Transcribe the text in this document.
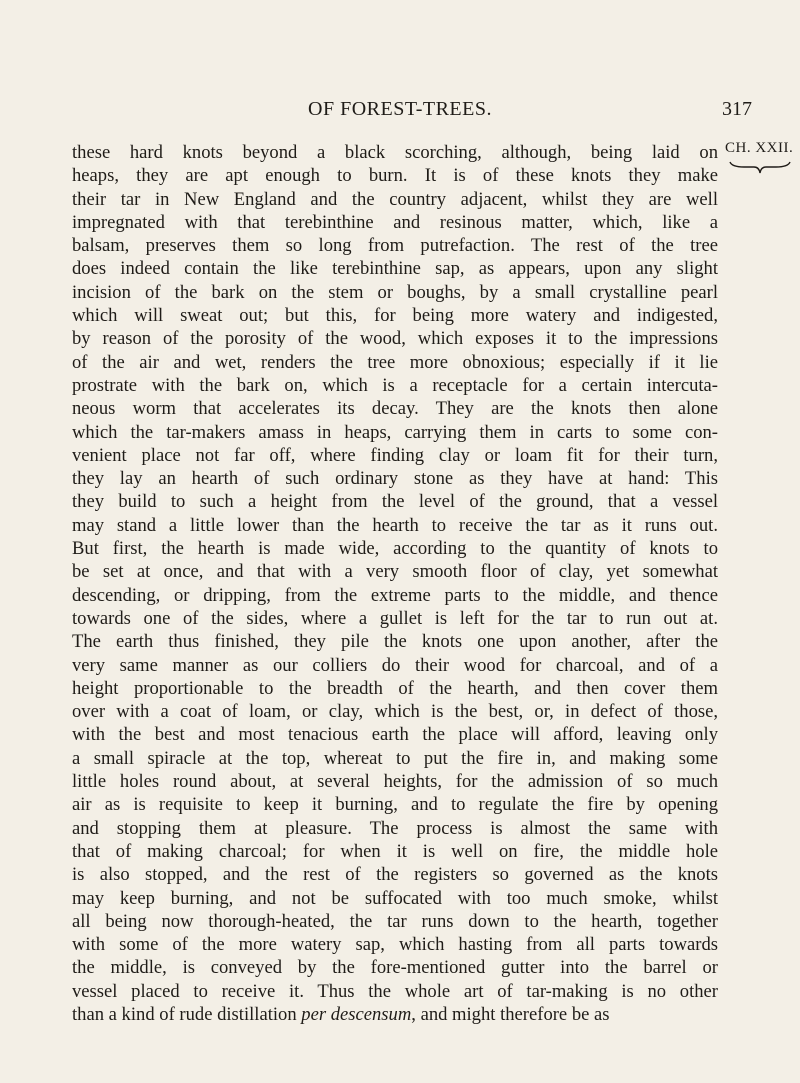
OF FOREST-TREES.	317
CH. XXII.
these hard knots beyond a black scorching, although, being laid on
heaps, they are apt enough to burn. It is of these knots they make
their tar in New England and the country adjacent, whilst they are well
impregnated with that terebinthine and resinous matter, which, like a
balsam, preserves them so long from putrefaction. The rest of the tree
does indeed contain the like terebinthine sap, as appears, upon any slight
incision of the bark on the stem or boughs, by a small crystalline pearl
which will sweat out; but this, for being more watery and indigested,
by reason of the porosity of the wood, which exposes it to the impressions
of the air and wet, renders the tree more obnoxious; especially if it lie
prostrate with the bark on, which is a receptacle for a certain intercuta-
neous worm that accelerates its decay. They are the knots then alone
which the tar-makers amass in heaps, carrying them in carts to some con-
venient place not far off, where finding clay or loam fit for their turn,
they lay an hearth of such ordinary stone as they have at hand: This
they build to such a height from the level of the ground, that a vessel
may stand a little lower than the hearth to receive the tar as it runs out.
But first, the hearth is made wide, according to the quantity of knots to
be set at once, and that with a very smooth floor of clay, yet somewhat
descending, or dripping, from the extreme parts to the middle, and thence
towards one of the sides, where a gullet is left for the tar to run out at.
The earth thus finished, they pile the knots one upon another, after the
very same manner as our colliers do their wood for charcoal, and of a
height proportionable to the breadth of the hearth, and then cover them
over with a coat of loam, or clay, which is the best, or, in defect of those,
with the best and most tenacious earth the place will afford, leaving only
a small spiracle at the top, whereat to put the fire in, and making some
little holes round about, at several heights, for the admission of so much
air as is requisite to keep it burning, and to regulate the fire by opening
and stopping them at pleasure. The process is almost the same with
that of making charcoal; for when it is well on fire, the middle hole
is also stopped, and the rest of the registers so governed as the knots
may keep burning, and not be suffocated with too much smoke, whilst
all being now thorough-heated, the tar runs down to the hearth, together
with some of the more watery sap, which hasting from all parts towards
the middle, is conveyed by the fore-mentioned gutter into the barrel or
vessel placed to receive it. Thus the whole art of tar-making is no other
than a kind of rude distillation per descensum, and might therefore be as
